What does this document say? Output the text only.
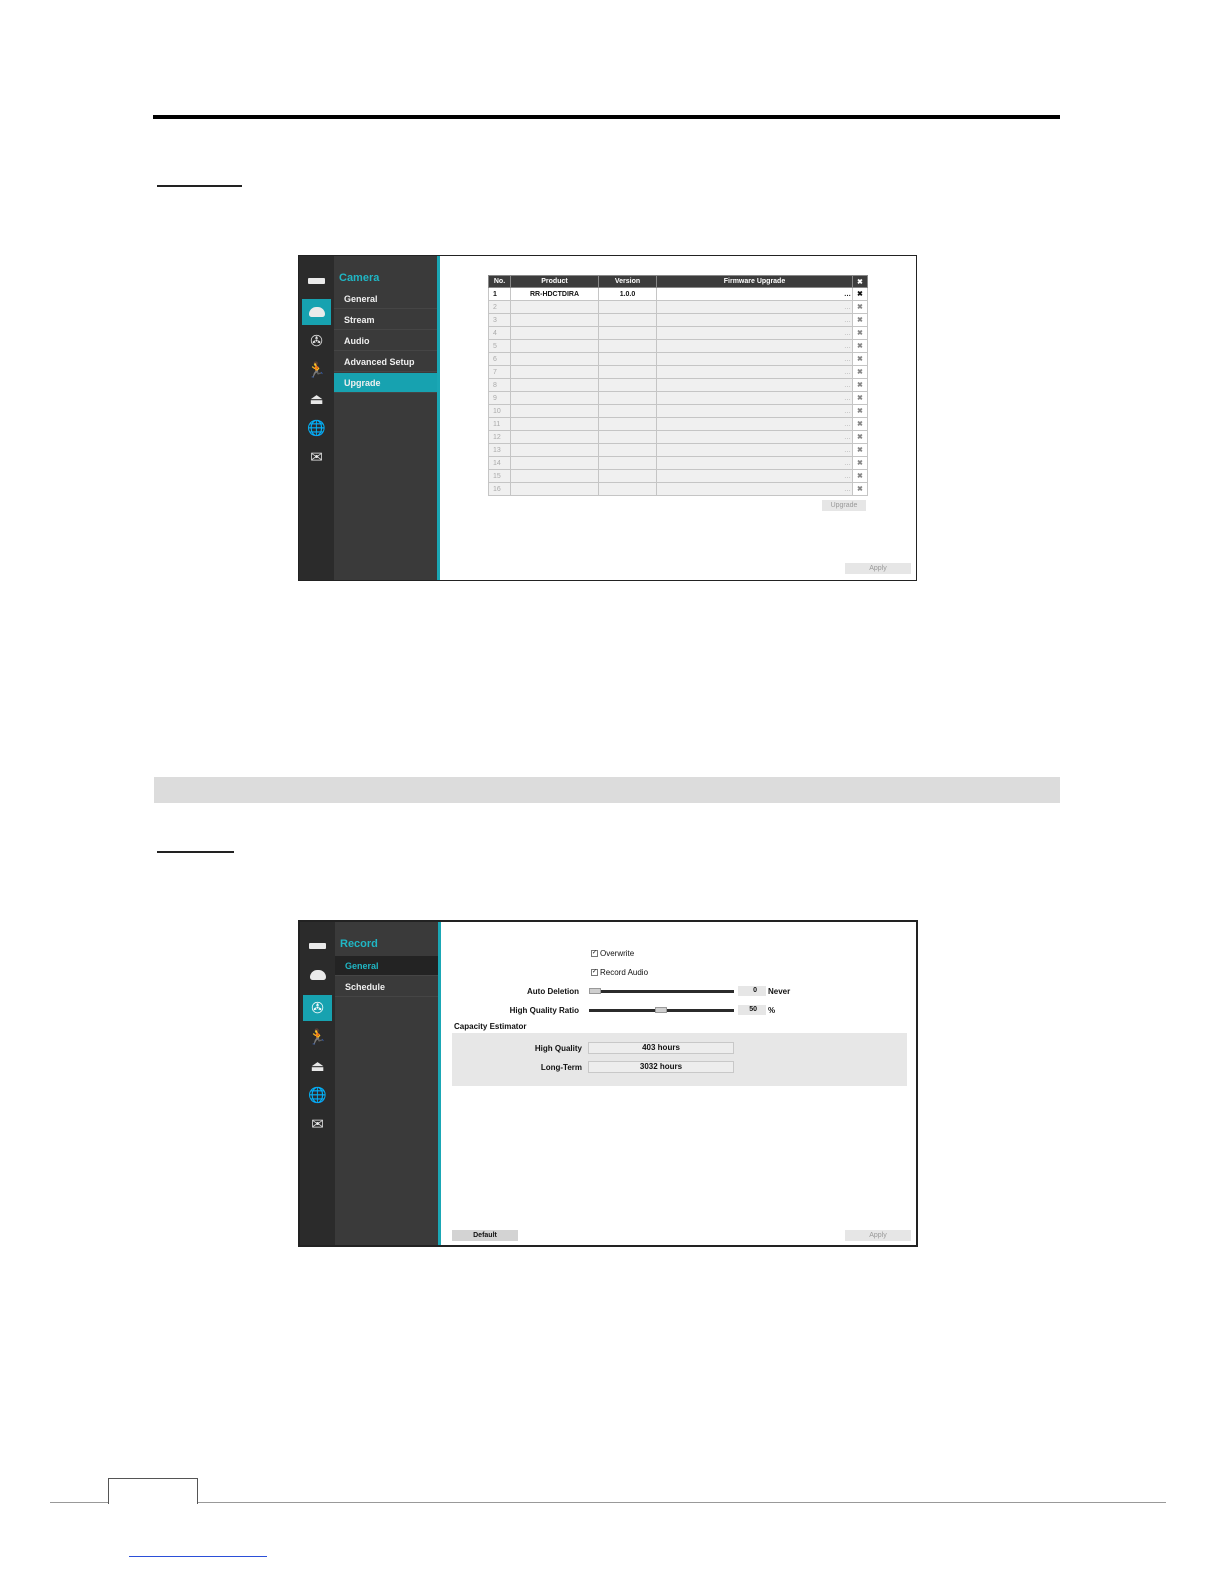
✇
🏃
⏏
🌐
✉
Camera
General
Stream
Audio
Advanced Setup
Upgrade
No.	Product	Version	Firmware Upgrade	✖
1	RR-HDCTDIRA	1.0.0	…	✖
2			…	✖
3			…	✖
4			…	✖
5			…	✖
6			…	✖
7			…	✖
8			…	✖
9			…	✖
10			…	✖
11			…	✖
12			…	✖
13			…	✖
14			…	✖
15			…	✖
16			…	✖
Upgrade
Apply
✇
🏃
⏏
🌐
✉
Record
General
Schedule
✓ Overwrite
✓ Record Audio
Auto Deletion	0	Never
High Quality Ratio	50	%
High Quality	403 hours
Long-Term	3032 hours
Capacity Estimator
Default	Apply
